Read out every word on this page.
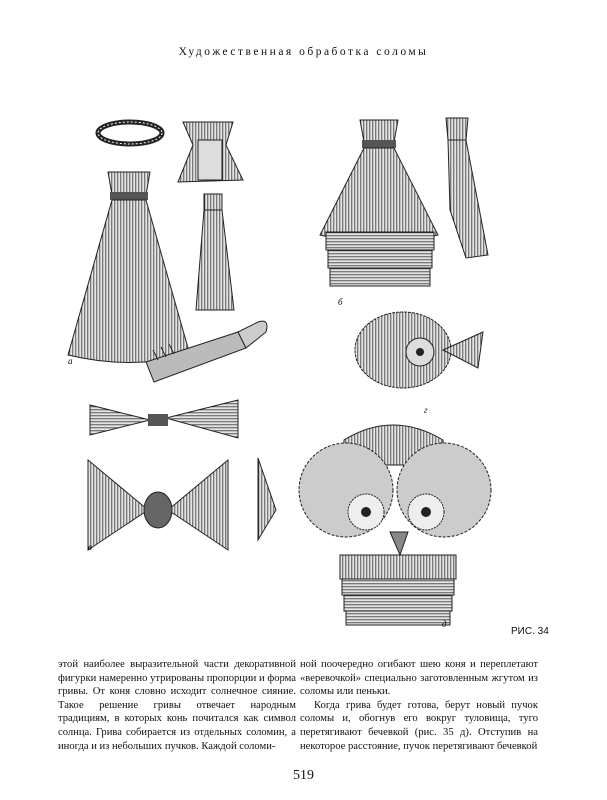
Художественная обработка соломы
а
б
в
г
д
РИС. 34

этой наиболее выразительной части декоративной фигурки намеренно утрированы пропорции и форма гривы. От коня словно исходит солнечное сияние. Такое решение гривы отвечает народным традициям, в которых конь почитался как символ солнца. Грива собирается из отдельных соломин, а иногда и из небольших пучков. Каждой соломи-

ной поочередно огибают шею коня и переплетают «веревочкой» специально заготовленным жгутом из соломы или пеньки.

Когда грива будет готова, берут новый пучок соломы и, обогнув его вокруг туловища, туго перетягивают бечевкой (рис. 35 д). Отступив на некоторое расстояние, пучок перетягивают бечевкой

519
